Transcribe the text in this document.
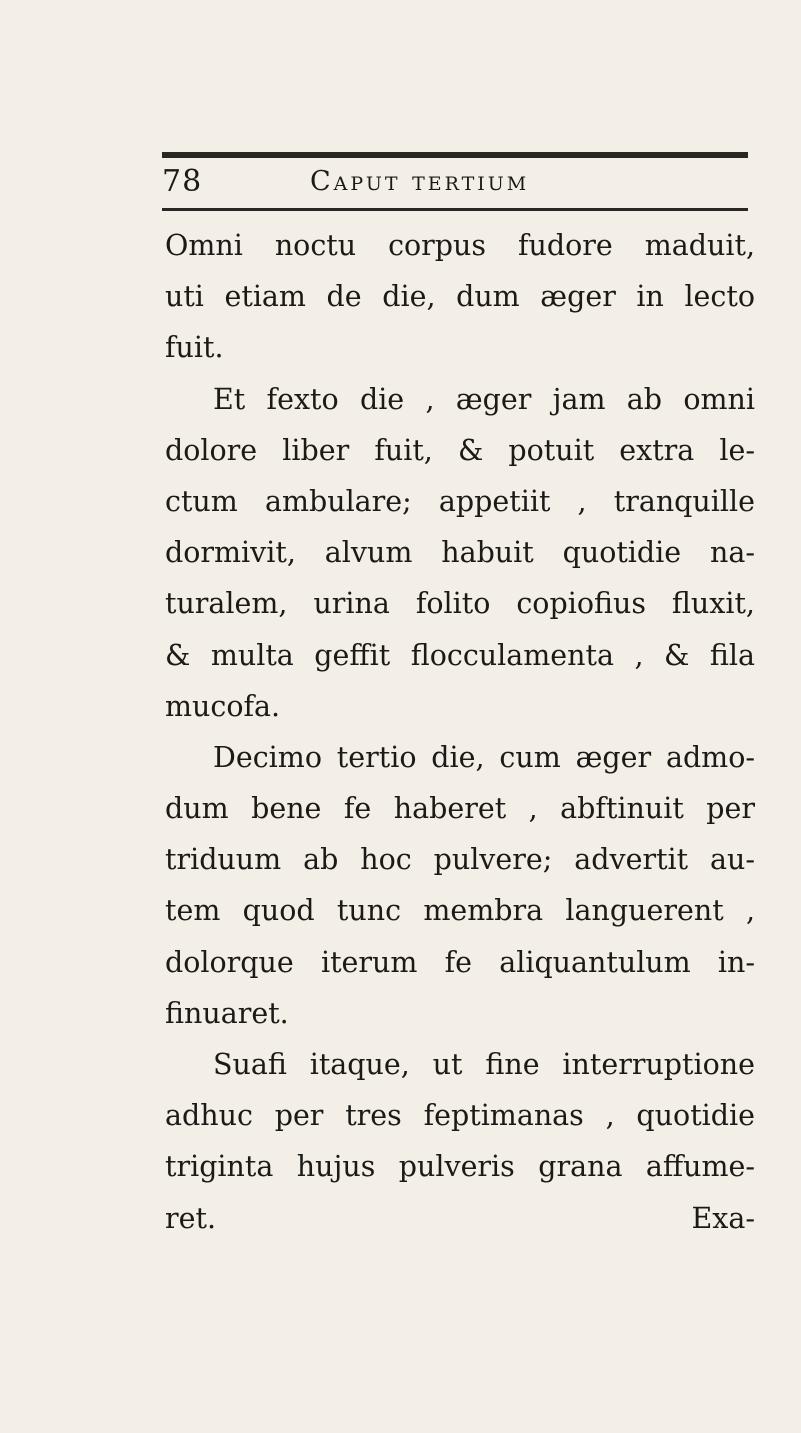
78	Caput tertium
Omni noctu corpus fudore maduit,
uti etiam de die, dum æger in lecto
fuit.
Et fexto die , æger jam ab omni
dolore liber fuit, & potuit extra le-
ctum ambulare; appetiit , tranquille
dormivit, alvum habuit quotidie na-
turalem, urina folito copiofius fluxit,
& multa geffit flocculamenta , & fila
mucofa.
Decimo tertio die, cum æger admo-
dum bene fe haberet , abftinuit per
triduum ab hoc pulvere; advertit au-
tem quod tunc membra languerent ,
dolorque iterum fe aliquantulum in-
finuaret.
Suafi itaque, ut fine interruptione
adhuc per tres feptimanas , quotidie
triginta hujus pulveris grana affume-
ret.	Exa-
